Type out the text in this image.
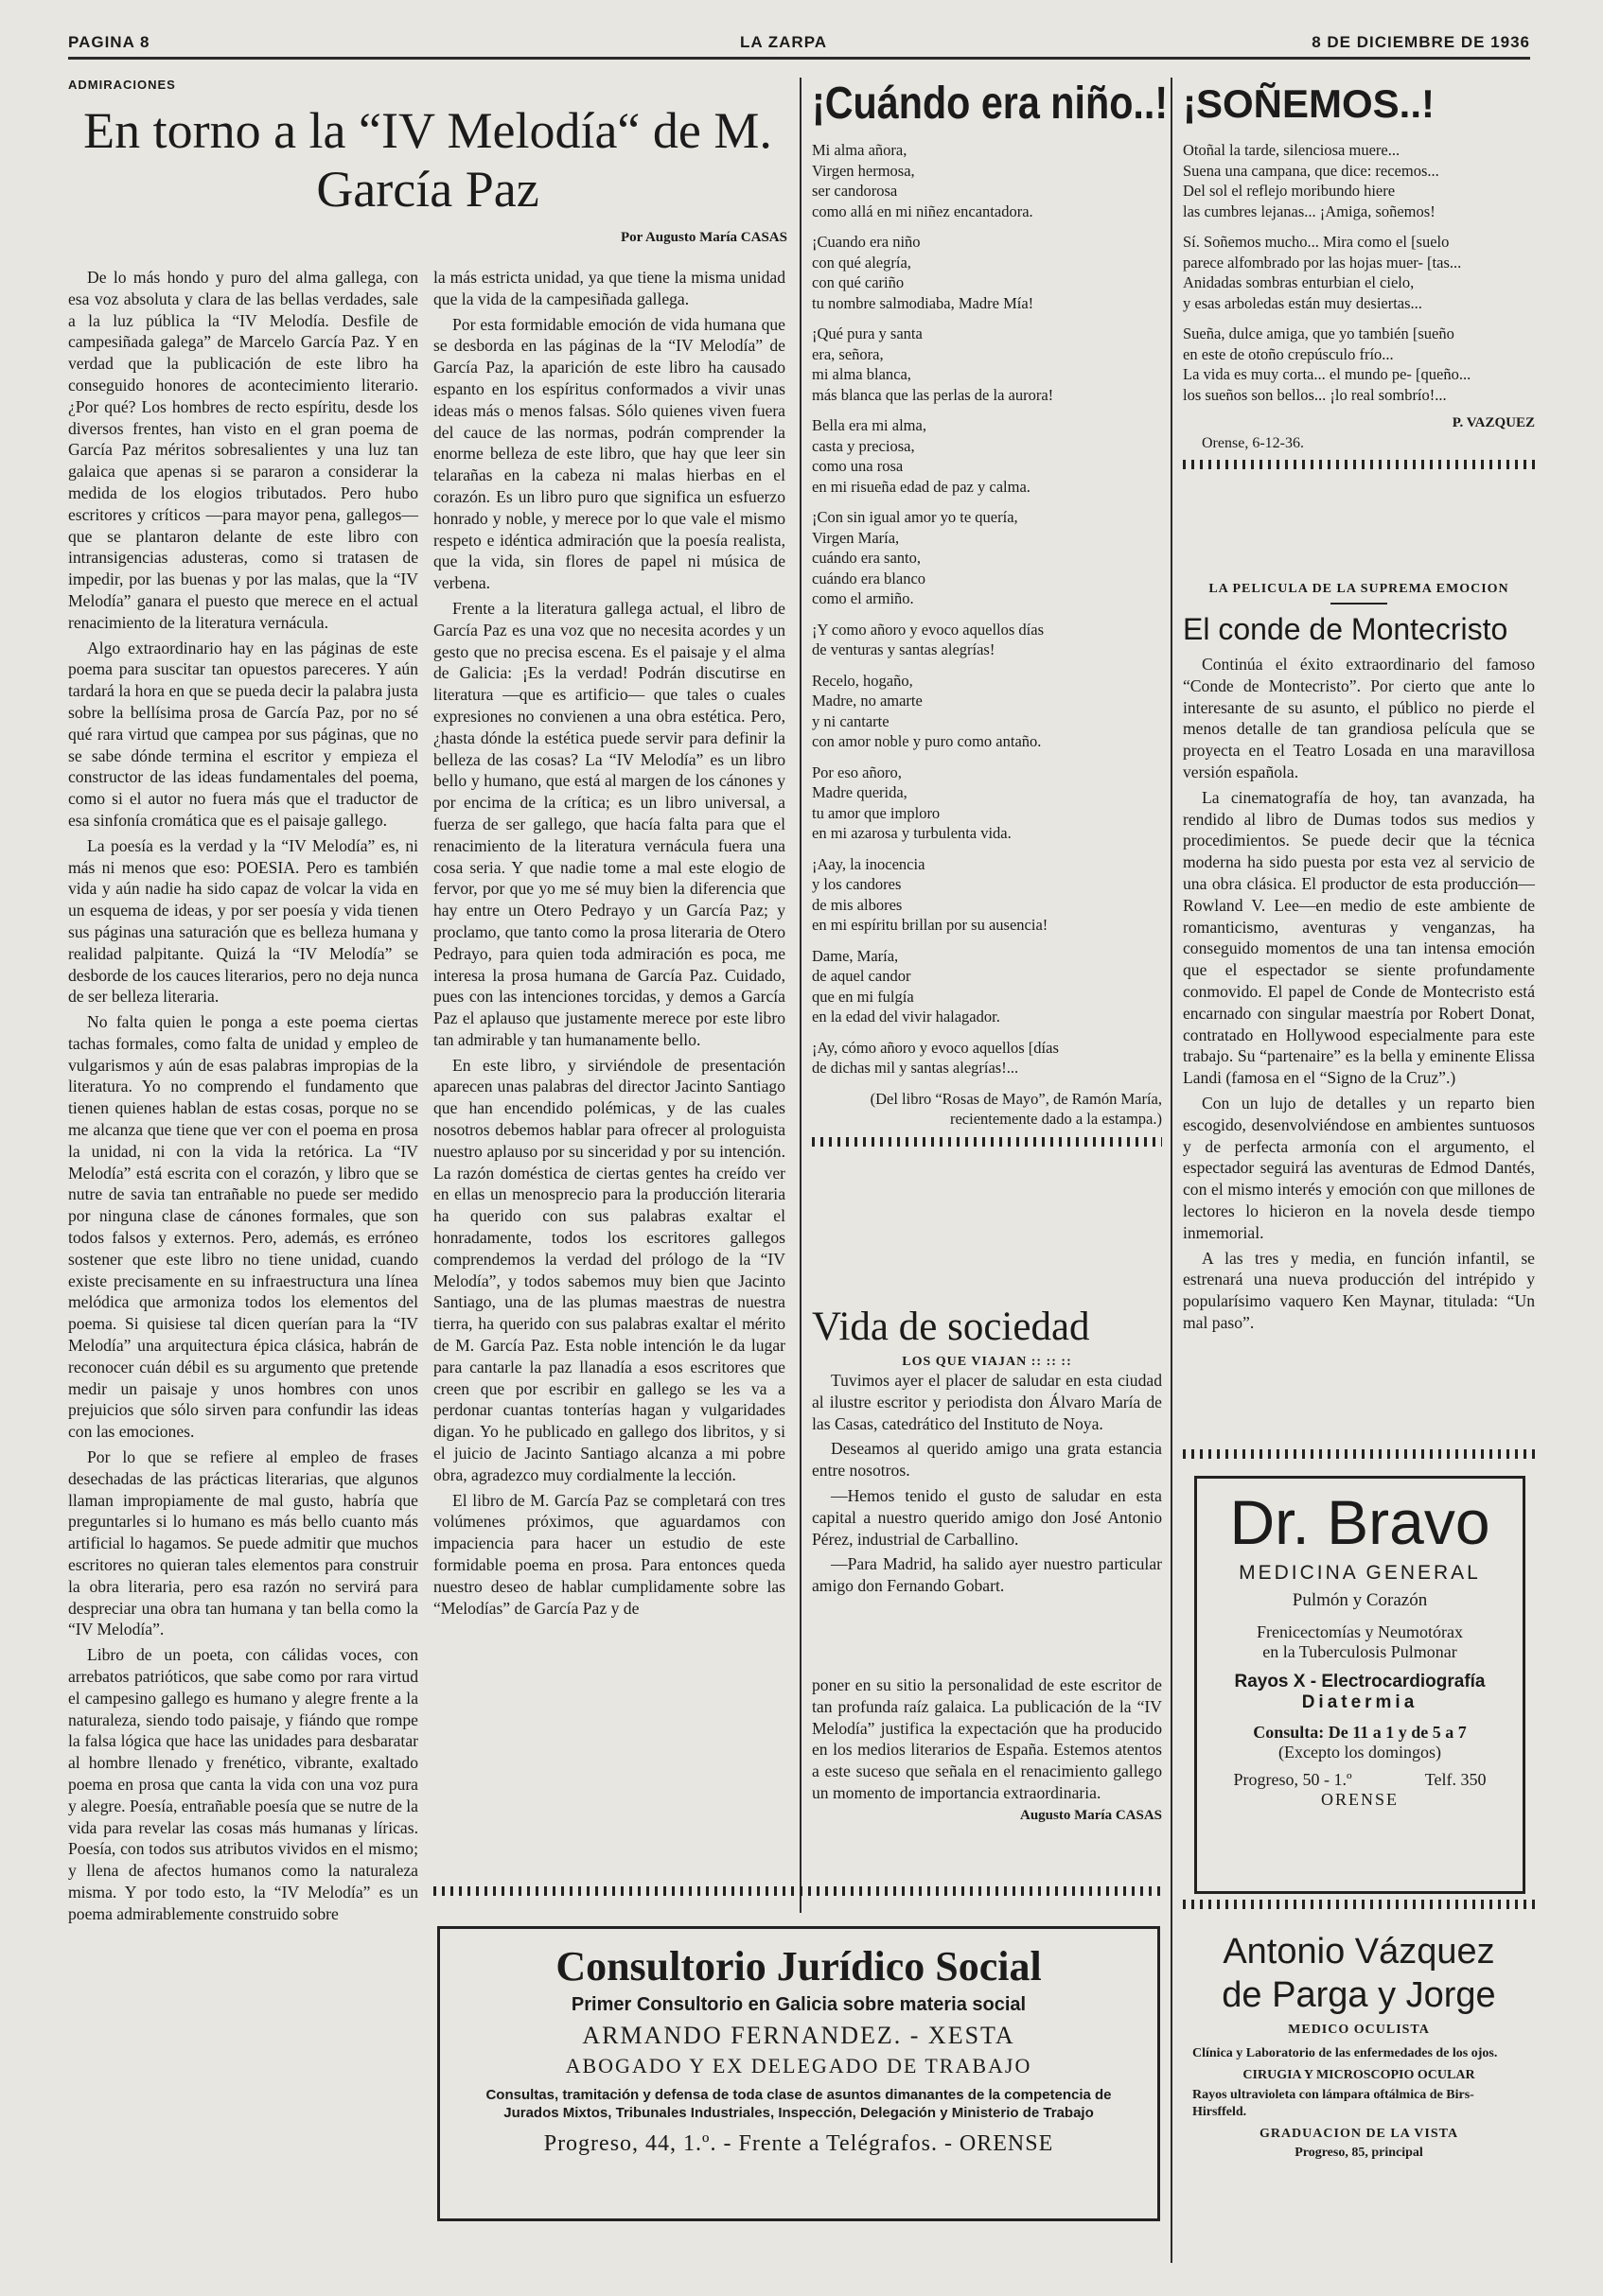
PAGINA 8	LA ZARPA	8 DE DICIEMBRE DE 1936

ADMIRACIONES

En torno a la “IV Melodía“ de M. García Paz

Por Augusto María CASAS

De lo más hondo y puro del alma gallega, con esa voz absoluta y clara de las bellas verdades, sale a la luz pública la “IV Melodía. Desfile de campesiñada galega” de Marcelo García Paz. Y en verdad que la publicación de este libro ha conseguido honores de acontecimiento literario. ¿Por qué? Los hombres de recto espíritu, desde los diversos frentes, han visto en el gran poema de García Paz méritos sobresalientes y una luz tan galaica que apenas si se pararon a considerar la medida de los elogios tributados. Pero hubo escritores y críticos —para mayor pena, gallegos— que se plantaron delante de este libro con intransigencias adusteras, como si tratasen de impedir, por las buenas y por las malas, que la “IV Melodía” ganara el puesto que merece en el actual renacimiento de la literatura vernácula.

Algo extraordinario hay en las páginas de este poema para suscitar tan opuestos pareceres. Y aún tardará la hora en que se pueda decir la palabra justa sobre la bellísima prosa de García Paz, por no sé qué rara virtud que campea por sus páginas, que no se sabe dónde termina el escritor y empieza el constructor de las ideas fundamentales del poema, como si el autor no fuera más que el traductor de esa sinfonía cromática que es el paisaje gallego.

La poesía es la verdad y la “IV Melodía” es, ni más ni menos que eso: POESIA. Pero es también vida y aún nadie ha sido capaz de volcar la vida en un esquema de ideas, y por ser poesía y vida tienen sus páginas una saturación que es belleza humana y realidad palpitante. Quizá la “IV Melodía” se desborde de los cauces literarios, pero no deja nunca de ser belleza literaria.

No falta quien le ponga a este poema ciertas tachas formales, como falta de unidad y empleo de vulgarismos y aún de esas palabras impropias de la literatura. Yo no comprendo el fundamento que tienen quienes hablan de estas cosas, porque no se me alcanza que tiene que ver con el poema en prosa la unidad, ni con la vida la retórica. La “IV Melodía” está escrita con el corazón, y libro que se nutre de savia tan entrañable no puede ser medido por ninguna clase de cánones formales, que son todos falsos y externos. Pero, además, es erróneo sostener que este libro no tiene unidad, cuando existe precisamente en su infraestructura una línea melódica que armoniza todos los elementos del poema. Si quisiese tal dicen querían para la “IV Melodía” una arquitectura épica clásica, habrán de reconocer cuán débil es su argumento que pretende medir un paisaje y unos hombres con unos prejuicios que sólo sirven para confundir las ideas con las emociones.

Por lo que se refiere al empleo de frases desechadas de las prácticas literarias, que algunos llaman impropiamente de mal gusto, habría que preguntarles si lo humano es más bello cuanto más artificial lo hagamos. Se puede admitir que muchos escritores no quieran tales elementos para construir la obra literaria, pero esa razón no servirá para despreciar una obra tan humana y tan bella como la “IV Melodía”.

Libro de un poeta, con cálidas voces, con arrebatos patrióticos, que sabe como por rara virtud el campesino gallego es humano y alegre frente a la naturaleza, siendo todo paisaje, y fiándo que rompe la falsa lógica que hace las unidades para desbaratar al hombre llenado y frenético, vibrante, exaltado poema en prosa que canta la vida con una voz pura y alegre. Poesía, entrañable poesía que se nutre de la vida para revelar las cosas más humanas y líricas. Poesía, con todos sus atributos vividos en el mismo; y llena de afectos humanos como la naturaleza misma. Y por todo esto, la “IV Melodía” es un poema admirablemente construido sobre

la más estricta unidad, ya que tiene la misma unidad que la vida de la campesiñada gallega.

Por esta formidable emoción de vida humana que se desborda en las páginas de la “IV Melodía” de García Paz, la aparición de este libro ha causado espanto en los espíritus conformados a vivir unas ideas más o menos falsas. Sólo quienes viven fuera del cauce de las normas, podrán comprender la enorme belleza de este libro, que hay que leer sin telarañas en la cabeza ni malas hierbas en el corazón. Es un libro puro que significa un esfuerzo honrado y noble, y merece por lo que vale el mismo respeto e idéntica admiración que la poesía realista, que la vida, sin flores de papel ni música de verbena.

Frente a la literatura gallega actual, el libro de García Paz es una voz que no necesita acordes y un gesto que no precisa escena. Es el paisaje y el alma de Galicia: ¡Es la verdad! Podrán discutirse en literatura —que es artificio— que tales o cuales expresiones no convienen a una obra estética. Pero, ¿hasta dónde la estética puede servir para definir la belleza de las cosas? La “IV Melodía” es un libro bello y humano, que está al margen de los cánones y por encima de la crítica; es un libro universal, a fuerza de ser gallego, que hacía falta para que el renacimiento de la literatura vernácula fuera una cosa seria. Y que nadie tome a mal este elogio de fervor, por que yo me sé muy bien la diferencia que hay entre un Otero Pedrayo y un García Paz; y proclamo, que tanto como la prosa literaria de Otero Pedrayo, para quien toda admiración es poca, me interesa la prosa humana de García Paz. Cuidado, pues con las intenciones torcidas, y demos a García Paz el aplauso que justamente merece por este libro tan admirable y tan humanamente bello.

En este libro, y sirviéndole de presentación aparecen unas palabras del director Jacinto Santiago que han encendido polémicas, y de las cuales nosotros debemos hablar para ofrecer al prologuista nuestro aplauso por su sinceridad y por su intención. La razón doméstica de ciertas gentes ha creído ver en ellas un menosprecio para la producción literaria ha querido con sus palabras exaltar el honradamente, todos los escritores gallegos comprendemos la verdad del prólogo de la “IV Melodía”, y todos sabemos muy bien que Jacinto Santiago, una de las plumas maestras de nuestra tierra, ha querido con sus palabras exaltar el mérito de M. García Paz. Esta noble intención le da lugar para cantarle la paz llanadía a esos escritores que creen que por escribir en gallego se les va a perdonar cuantas tonterías hagan y vulgaridades digan. Yo he publicado en gallego dos libritos, y si el juicio de Jacinto Santiago alcanza a mi pobre obra, agradezco muy cordialmente la lección.

El libro de M. García Paz se completará con tres volúmenes próximos, que aguardamos con impaciencia para hacer un estudio de este formidable poema en prosa. Para entonces queda nuestro deseo de hablar cumplidamente sobre las “Melodías” de García Paz y de

¡Cuándo era niño..!
Mi alma añora,
Virgen hermosa,
ser candorosa
como allá en mi niñez encantadora.
¡Cuando era niño
con qué alegría,
con qué cariño
tu nombre salmodiaba, Madre Mía!
¡Qué pura y santa
era, señora,
mi alma blanca,
más blanca que las perlas de la aurora!
Bella era mi alma,
casta y preciosa,
como una rosa
en mi risueña edad de paz y calma.
¡Con sin igual amor yo te quería,
Virgen María,
cuándo era santo,
cuándo era blanco
como el armiño.
¡Y como añoro y evoco aquellos días
de venturas y santas alegrías!
Recelo, hogaño,
Madre, no amarte
y ni cantarte
con amor noble y puro como antaño.
Por eso añoro,
Madre querida,
tu amor que imploro
en mi azarosa y turbulenta vida.
¡Aay, la inocencia
y los candores
de mis albores
en mi espíritu brillan por su ausencia!
Dame, María,
de aquel candor
que en mi fulgía
en la edad del vivir halagador.
¡Ay, cómo añoro y evoco aquellos [días
de dichas mil y santas alegrías!...
(Del libro “Rosas de Mayo”, de Ramón María, recientemente dado a la estampa.)
Vida de sociedad
LOS QUE VIAJAN :: :: ::

Tuvimos ayer el placer de saludar en esta ciudad al ilustre escritor y periodista don Álvaro María de las Casas, catedrático del Instituto de Noya.

Deseamos al querido amigo una grata estancia entre nosotros.

—Hemos tenido el gusto de saludar en esta capital a nuestro querido amigo don José Antonio Pérez, industrial de Carballino.

—Para Madrid, ha salido ayer nuestro particular amigo don Fernando Gobart.

poner en su sitio la personalidad de este escritor de tan profunda raíz galaica. La publicación de la “IV Melodía” justifica la expectación que ha producido en los medios literarios de España. Estemos atentos a este suceso que señala en el renacimiento gallego un momento de importancia extraordinaria.

Augusto María CASAS
Consultorio Jurídico Social
Primer Consultorio en Galicia sobre materia social
ARMANDO FERNANDEZ. - XESTA
ABOGADO Y EX DELEGADO DE TRABAJO
Consultas, tramitación y defensa de toda clase de asuntos dimanantes de la competencia de Jurados Mixtos, Tribunales Industriales, Inspección, Delegación y Ministerio de Trabajo
Progreso, 44, 1.º. - Frente a Telégrafos. - ORENSE
¡SOÑEMOS..!
Otoñal la tarde, silenciosa muere...
Suena una campana, que dice: recemos...
Del sol el reflejo moribundo hiere
las cumbres lejanas... ¡Amiga, soñemos!
Sí. Soñemos mucho... Mira como el [suelo
parece alfombrado por las hojas muer- [tas...
Anidadas sombras enturbian el cielo,
y esas arboledas están muy desiertas...
Sueña, dulce amiga, que yo también [sueño
en este de otoño crepúsculo frío...
La vida es muy corta... el mundo pe- [queño...
los sueños son bellos... ¡lo real sombrío!...
P. VAZQUEZ
Orense, 6-12-36.
LA PELICULA DE LA SUPREMA EMOCION
El conde de Montecristo

Continúa el éxito extraordinario del famoso “Conde de Montecristo”. Por cierto que ante lo interesante de su asunto, el público no pierde el menos detalle de tan grandiosa película que se proyecta en el Teatro Losada en una maravillosa versión española.

La cinematografía de hoy, tan avanzada, ha rendido al libro de Dumas todos sus medios y procedimientos. Se puede decir que la técnica moderna ha sido puesta por esta vez al servicio de una obra clásica. El productor de esta producción—Rowland V. Lee—en medio de este ambiente de romanticismo, aventuras y venganzas, ha conseguido momentos de una tan intensa emoción que el espectador se siente profundamente conmovido. El papel de Conde de Montecristo está encarnado con singular maestría por Robert Donat, contratado en Hollywood especialmente para este trabajo. Su “partenaire” es la bella y eminente Elissa Landi (famosa en el “Signo de la Cruz”.)

Con un lujo de detalles y un reparto bien escogido, desenvolviéndose en ambientes suntuosos y de perfecta armonía con el argumento, el espectador seguirá las aventuras de Edmod Dantés, con el mismo interés y emoción con que millones de lectores lo hicieron en la novela desde tiempo inmemorial.

A las tres y media, en función infantil, se estrenará una nueva producción del intrépido y popularísimo vaquero Ken Maynar, titulada: “Un mal paso”.

Dr. Bravo
MEDICINA GENERAL
Pulmón y Corazón
Frenicectomías y Neumotórax
en la Tuberculosis Pulmonar
Rayos X - Electrocardiografía
Diatermia
Consulta: De 11 a 1 y de 5 a 7
(Excepto los domingos)
Progreso, 50 - 1.º	Telf. 350
ORENSE
Antonio Vázquez
de Parga y Jorge
MEDICO OCULISTA
Clínica y Laboratorio de las enfermedades de los ojos.
CIRUGIA Y MICROSCOPIO OCULAR
Rayos ultravioleta con lámpara oftálmica de Birs-Hirsffeld.
GRADUACION DE LA VISTA
Progreso, 85, principal
